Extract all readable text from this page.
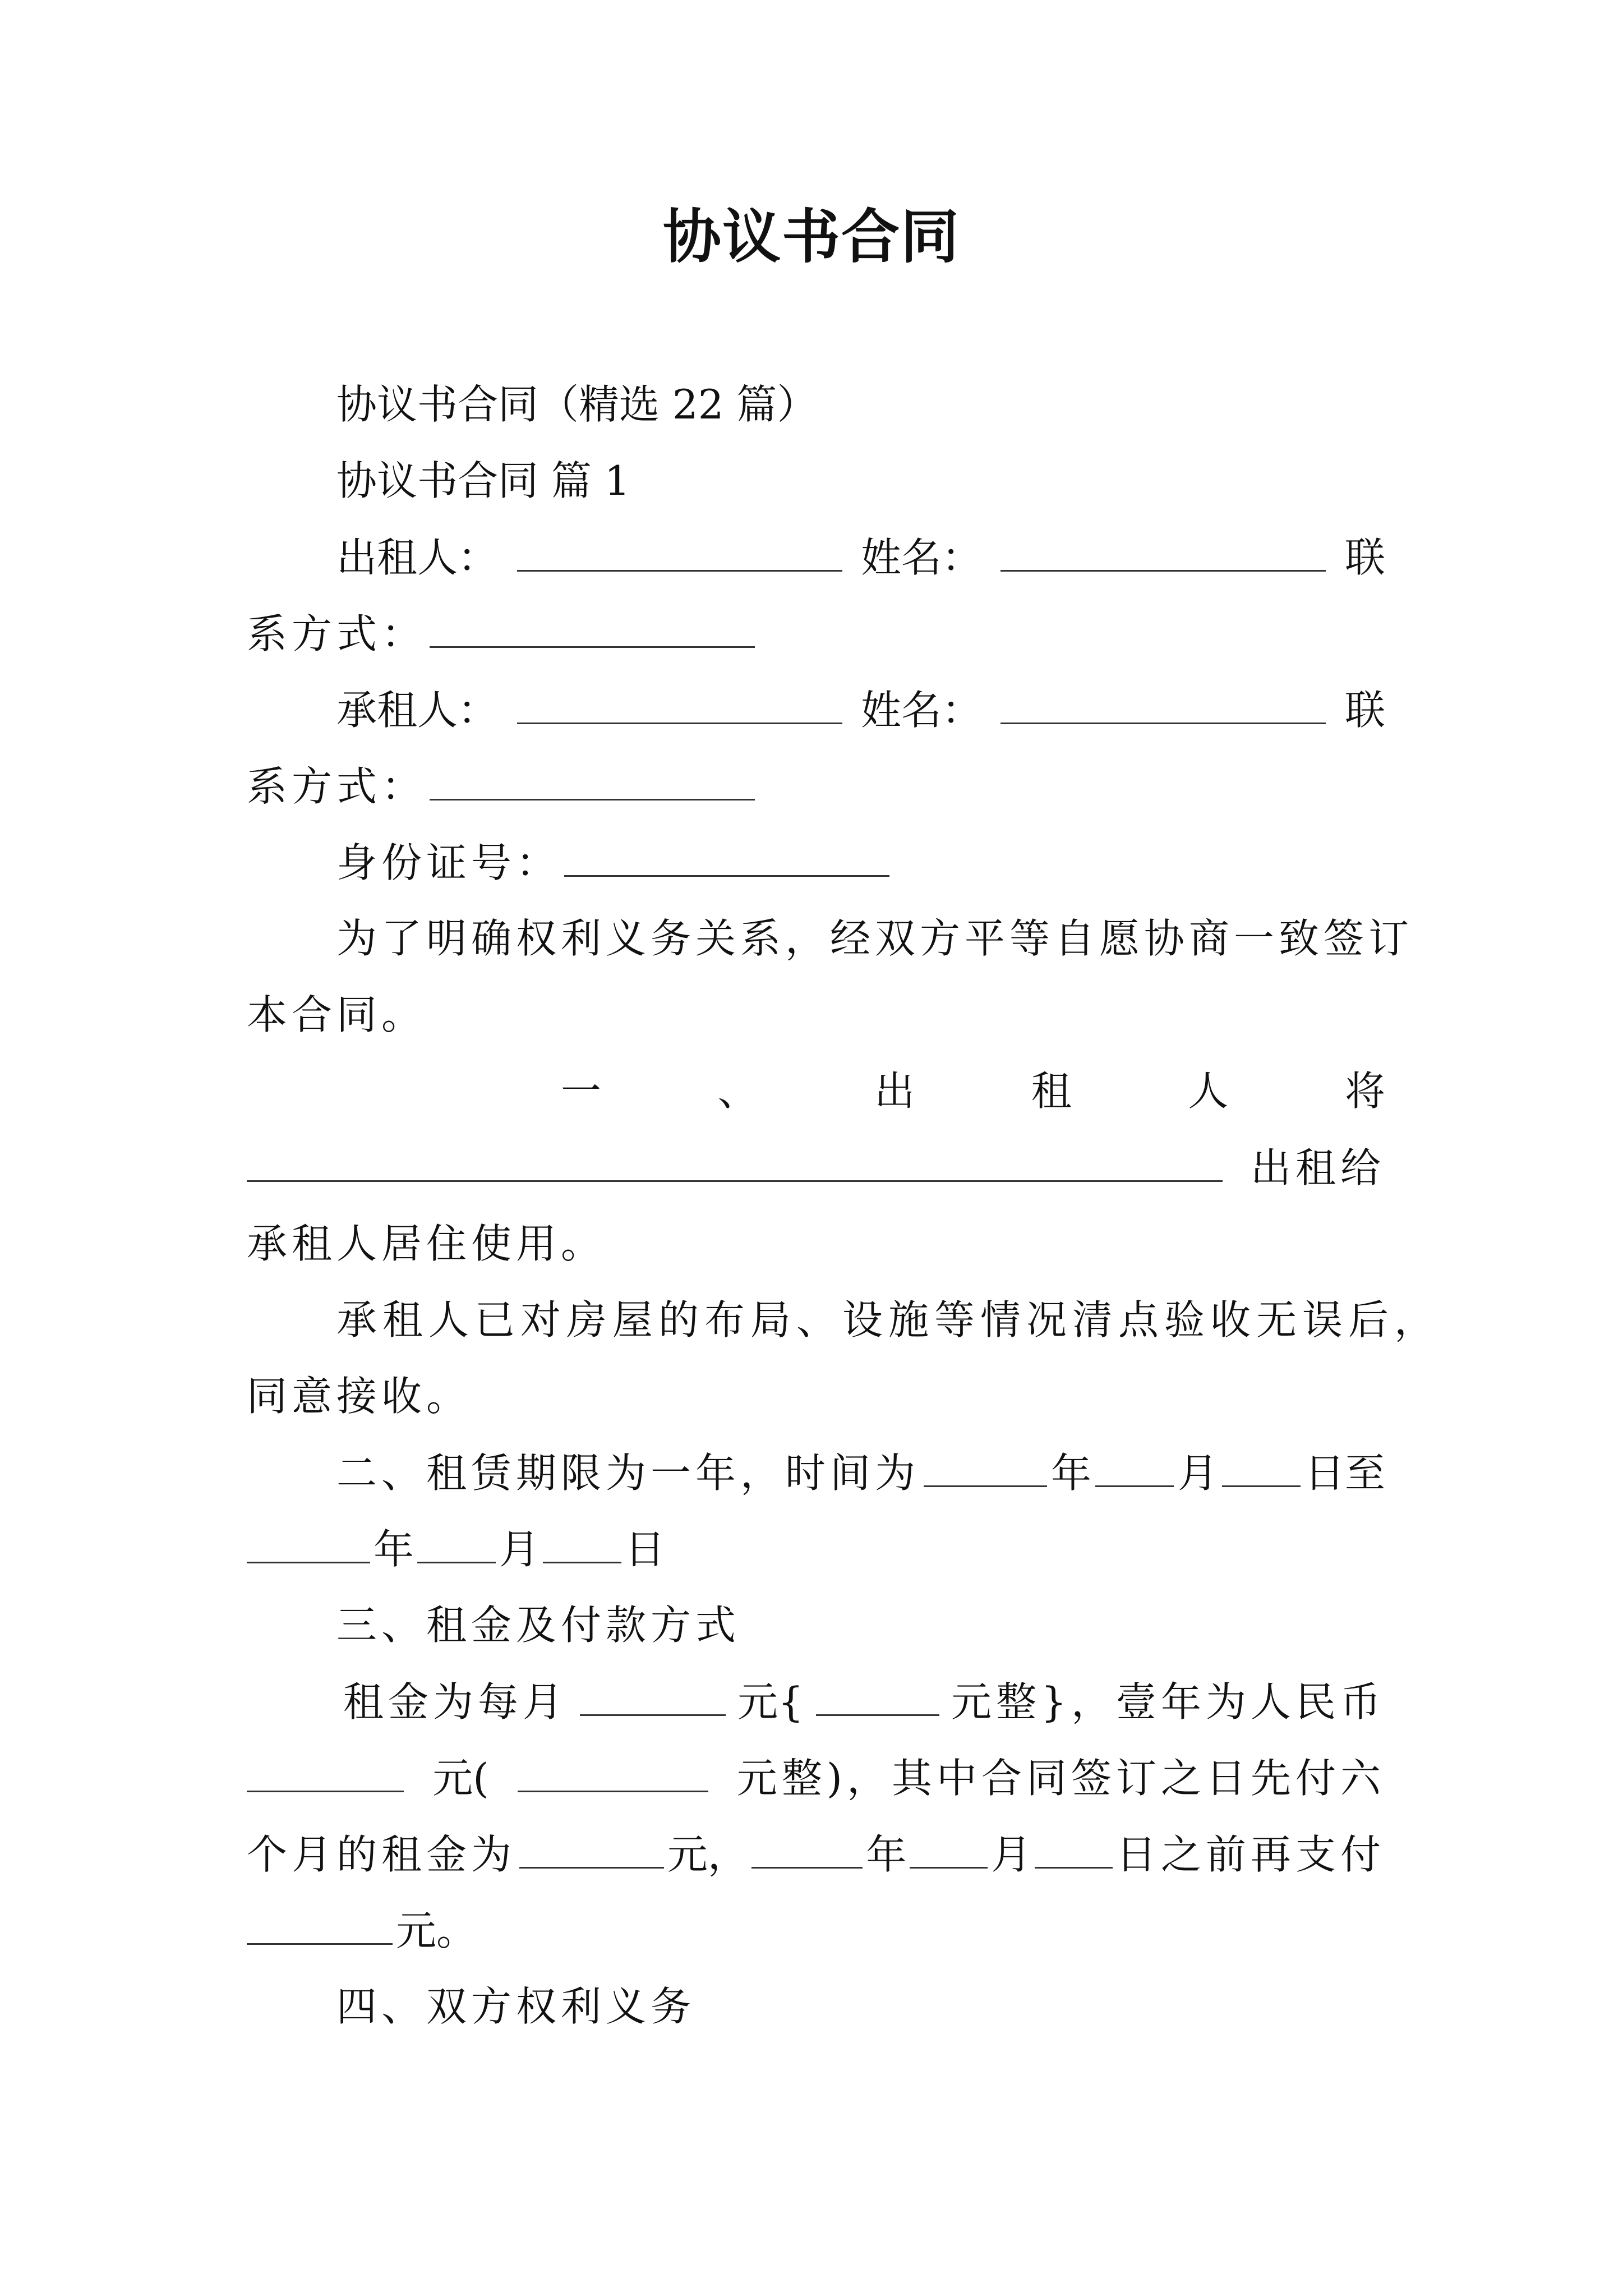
协议书合同

协议书合同（精选 22 篇）

协议书合同 篇 1

出租人：	姓名：	联

系方式：

承租人：	姓名：	联

系方式：

身份证号：

为了明确权利义务关系，经双方平等自愿协商一致签订

本合同。

一	、	出	租	人	将

出租给

承租人居住使用。

承租人已对房屋的布局、设施等情况清点验收无误后，

同意接收。

二、租赁期限为一年，时间为	年 月 日至

年 月 日

三、租金及付款方式

租金为每月	元{	元整}，壹年为人民币

元(	元整)，其中合同签订之日先付六

个月的租金为	元，	年 月 日之前再支付

元。

四、双方权利义务
